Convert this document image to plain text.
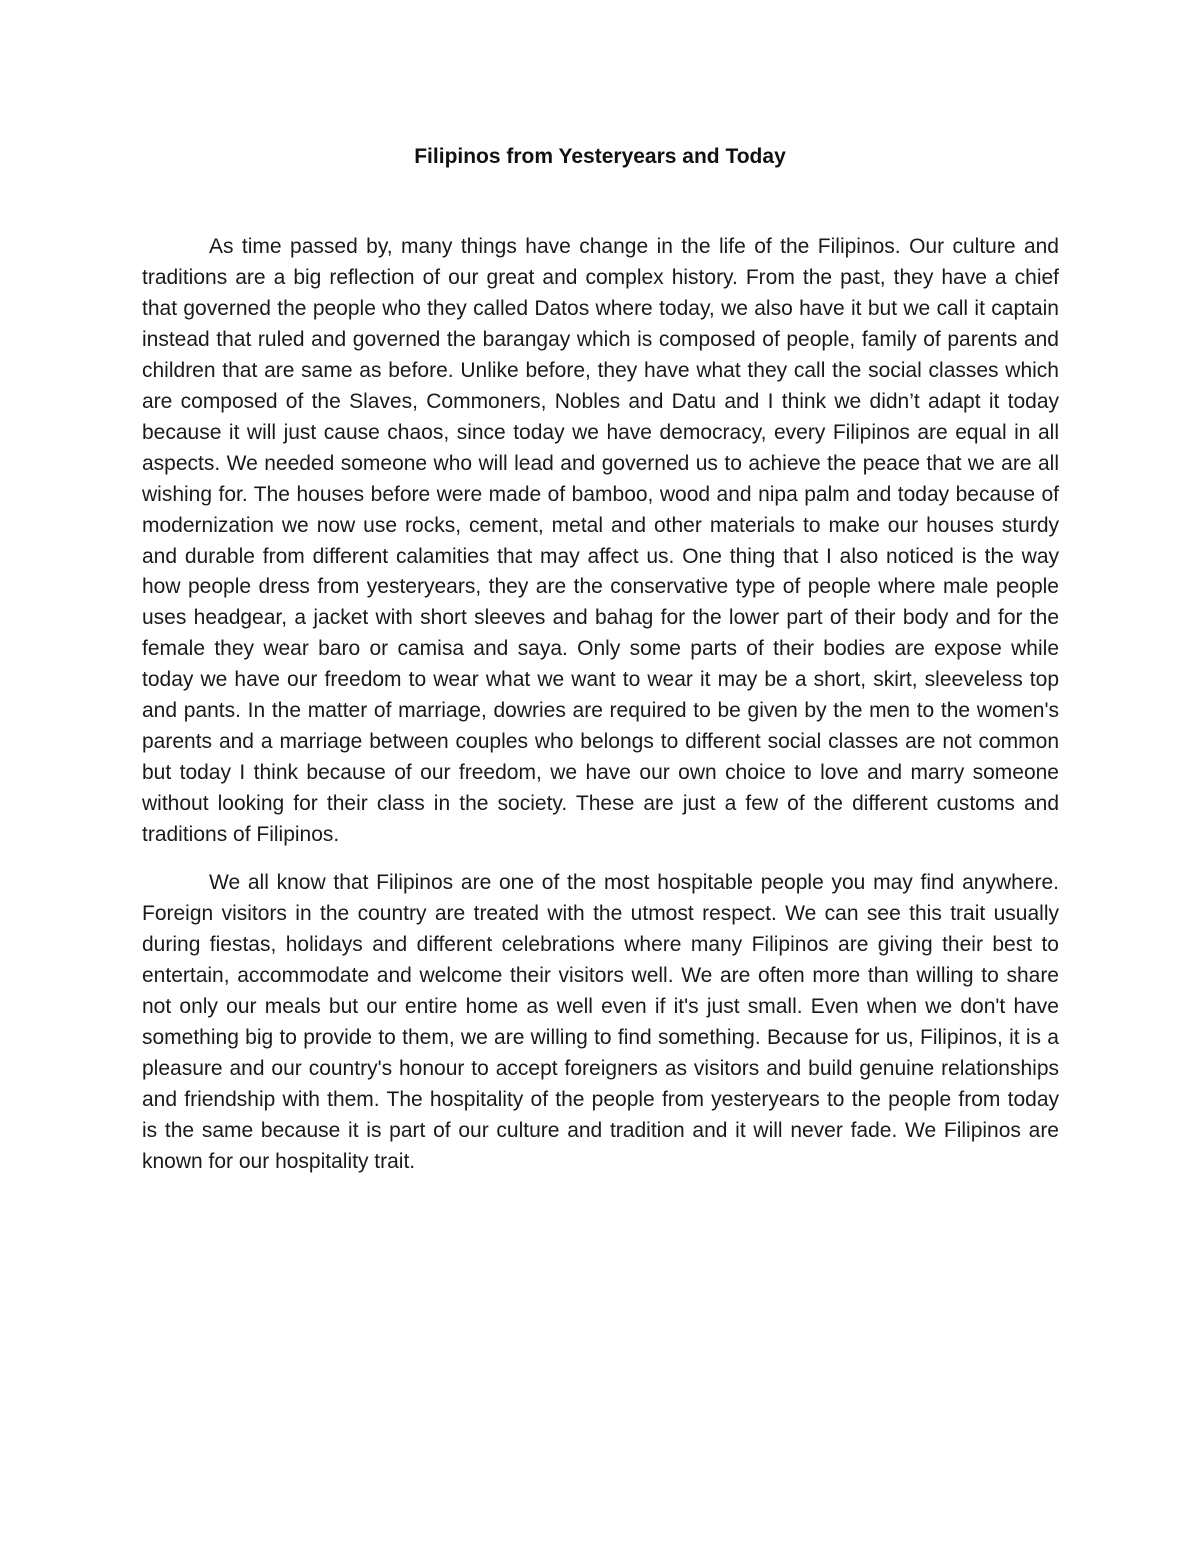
Filipinos from Yesteryears and Today

As time passed by, many things have change in the life of the Filipinos. Our culture and traditions are a big reflection of our great and complex history. From the past, they have a chief that governed the people who they called Datos where today, we also have it but we call it captain instead that ruled and governed the barangay which is composed of people, family of parents and children that are same as before. Unlike before, they have what they call the social classes which are composed of the Slaves, Commoners, Nobles and Datu and I think we didn’t adapt it today because it will just cause chaos, since today we have democracy, every Filipinos are equal in all aspects. We needed someone who will lead and governed us to achieve the peace that we are all wishing for. The houses before were made of bamboo, wood and nipa palm and today because of modernization we now use rocks, cement, metal and other materials to make our houses sturdy and durable from different calamities that may affect us. One thing that I also noticed is the way how people dress from yesteryears, they are the conservative type of people where male people uses headgear, a jacket with short sleeves and bahag for the lower part of their body and for the female they wear baro or camisa and saya. Only some parts of their bodies are expose while today we have our freedom to wear what we want to wear it may be a short, skirt, sleeveless top and pants. In the matter of marriage, dowries are required to be given by the men to the women's parents and a marriage between couples who belongs to different social classes are not common but today I think because of our freedom, we have our own choice to love and marry someone without looking for their class in the society. These are just a few of the different customs and traditions of Filipinos.

We all know that Filipinos are one of the most hospitable people you may find anywhere. Foreign visitors in the country are treated with the utmost respect. We can see this trait usually during fiestas, holidays and different celebrations where many Filipinos are giving their best to entertain, accommodate and welcome their visitors well. We are often more than willing to share not only our meals but our entire home as well even if it's just small. Even when we don't have something big to provide to them, we are willing to find something. Because for us, Filipinos, it is a pleasure and our country's honour to accept foreigners as visitors and build genuine relationships and friendship with them. The hospitality of the people from yesteryears to the people from today is the same because it is part of our culture and tradition and it will never fade. We Filipinos are known for our hospitality trait.
